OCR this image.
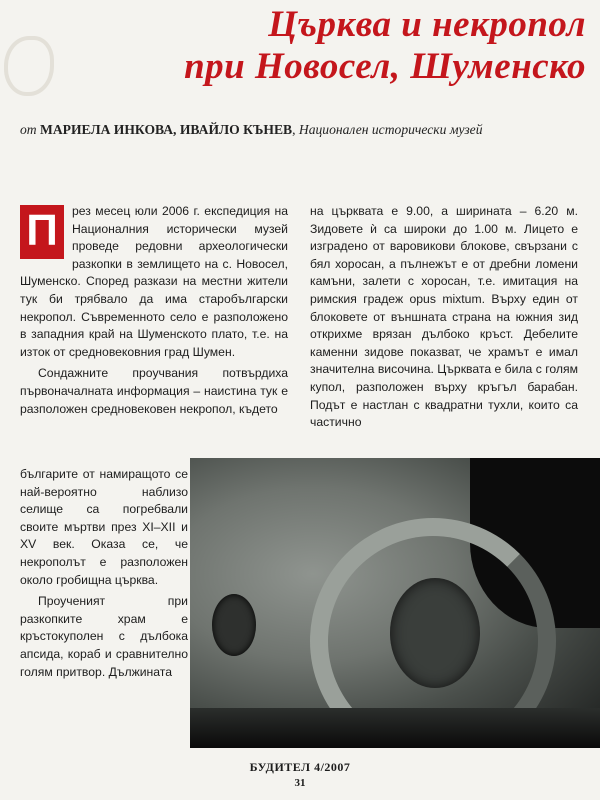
Църква и некропол
при Новосел, Шуменско
от МАРИЕЛА ИНКОВА, ИВАЙЛО КЪНЕВ, Национален исторически музей

П	рез месец юли 2006 г. експедиция на Националния исторически музей проведе редовни археологически разкопки в землището на с. Новосел, Шуменско. Според разкази на местни жители тук би трябвало да има старобългарски некропол. Съвременното село е разположено в западния край на Шуменското плато, т.е. на изток от средновековния град Шумен.

Сондажните проучвания потвърдиха първоначалната информация – наистина тук е разположен средновековен некропол, където

българите от намиращото се най-вероятно наблизо селище са погребвали своите мъртви през XI–XII и XV век. Оказа се, че некрополът е разположен около гробищна църква.

Проученият при разкопките храм е кръстокуполен с дълбока апсида, кораб и сравнително голям притвор. Дължината

на църквата е 9.00, а ширината – 6.20 м. Зидовете ѝ са широки до 1.00 м. Лицето е изградено от варовикови блокове, свързани с бял хоросан, а пълнежът е от дребни ломени камъни, залети с хоросан, т.е. имитация на римския градеж opus mixtum. Върху един от блоковете от външната страна на южния зид открихме врязан дълбоко кръст. Дебелите каменни зидове показват, че храмът е имал значителна височина. Църквата е била с голям купол, разположен върху кръгъл барабан. Подът е настлан с квадратни тухли, които са частично

БУДИТЕЛ 4/2007
31
